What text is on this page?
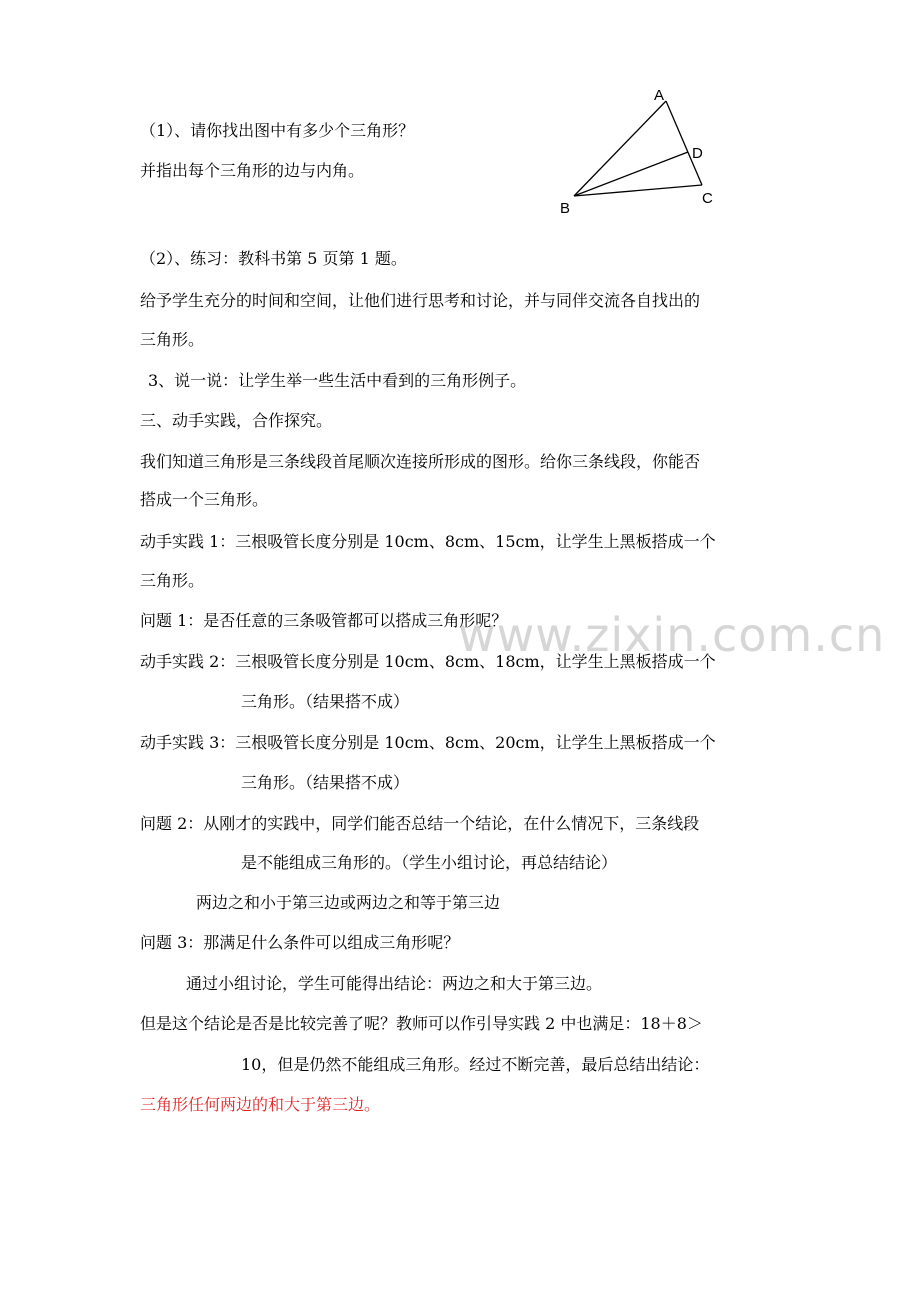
A
D
C
B
www.zixin.com.cn
（1）、请你找出图中有多少个三角形？
并指出每个三角形的边与内角。
（2）、练习：教科书第 5 页第 1 题。
给予学生充分的时间和空间，让他们进行思考和讨论，并与同伴交流各自找出的
三角形。
3、说一说：让学生举一些生活中看到的三角形例子。
三、动手实践，合作探究。
我们知道三角形是三条线段首尾顺次连接所形成的图形。给你三条线段，你能否
搭成一个三角形。
动手实践 1：三根吸管长度分别是 10cm、8cm、15cm，让学生上黑板搭成一个
三角形。
问题 1：是否任意的三条吸管都可以搭成三角形呢？
动手实践 2：三根吸管长度分别是 10cm、8cm、18cm，让学生上黑板搭成一个
三角形。（结果搭不成）
动手实践 3：三根吸管长度分别是 10cm、8cm、20cm，让学生上黑板搭成一个
三角形。（结果搭不成）
问题 2：从刚才的实践中，同学们能否总结一个结论，在什么情况下，三条线段
是不能组成三角形的。（学生小组讨论，再总结结论）
两边之和小于第三边或两边之和等于第三边
问题 3：那满足什么条件可以组成三角形呢？
通过小组讨论，学生可能得出结论：两边之和大于第三边。
但是这个结论是否是比较完善了呢？教师可以作引导实践 2 中也满足：18＋8＞
10，但是仍然不能组成三角形。经过不断完善，最后总结出结论：
三角形任何两边的和大于第三边。
